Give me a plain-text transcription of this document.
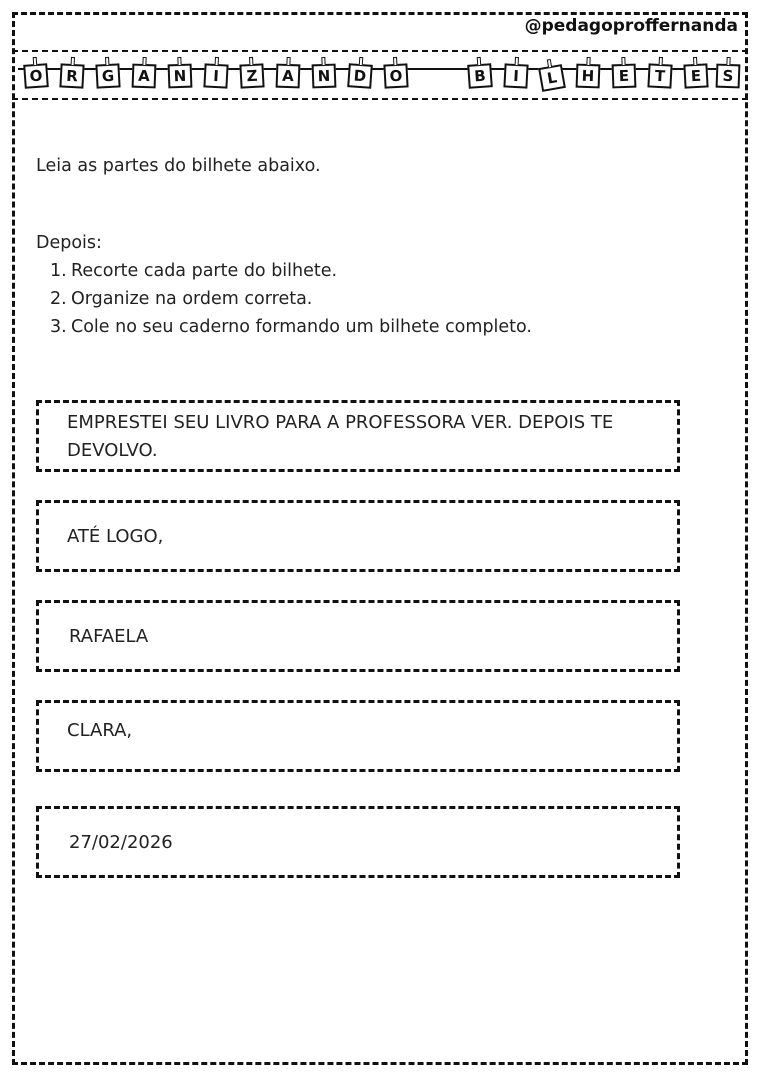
@pedagoproffernanda
O	R	G	A	N	I	Z	A	N	D	O	B	I	L	H	E	T	E	S
Leia as partes do bilhete abaixo.
Depois:
1. Recorte cada parte do bilhete.
2. Organize na ordem correta.
3. Cole no seu caderno formando um bilhete completo.
EMPRESTEI SEU LIVRO PARA A PROFESSORA VER. DEPOIS TE DEVOLVO.
ATÉ LOGO,
RAFAELA
CLARA,
27/02/2026
